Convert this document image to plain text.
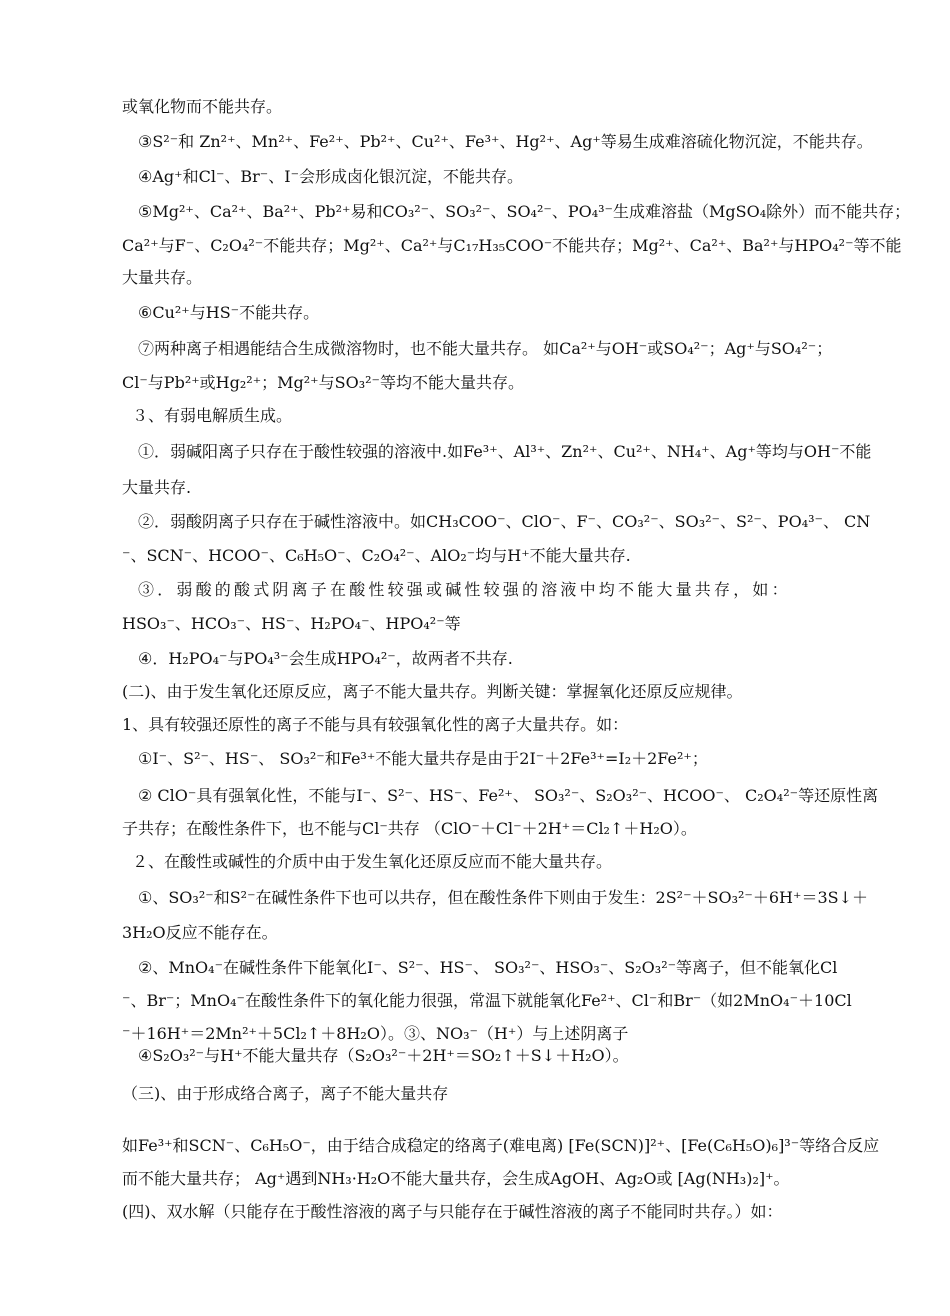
或氧化物而不能共存。
③S²⁻和 Zn²⁺、Mn²⁺、Fe²⁺、Pb²⁺、Cu²⁺、Fe³⁺、Hg²⁺、Ag⁺等易生成难溶硫化物沉淀，不能共存。
④Ag⁺和Cl⁻、Br⁻、I⁻会形成卤化银沉淀，不能共存。
⑤Mg²⁺、Ca²⁺、Ba²⁺、Pb²⁺易和CO₃²⁻、SO₃²⁻、SO₄²⁻、PO₄³⁻生成难溶盐（MgSO₄除外）而不能共存；
Ca²⁺与F⁻、C₂O₄²⁻不能共存；Mg²⁺、Ca²⁺与C₁₇H₃₅COO⁻不能共存；Mg²⁺、Ca²⁺、Ba²⁺与HPO₄²⁻等不能
大量共存。
⑥Cu²⁺与HS⁻不能共存。
⑦两种离子相遇能结合生成微溶物时，也不能大量共存。 如Ca²⁺与OH⁻或SO₄²⁻；Ag⁺与SO₄²⁻；
Cl⁻与Pb²⁺或Hg₂²⁺；Mg²⁺与SO₃²⁻等均不能大量共存。
３、有弱电解质生成。
①．弱碱阳离子只存在于酸性较强的溶液中.如Fe³⁺、Al³⁺、Zn²⁺、Cu²⁺、NH₄⁺、Ag⁺等均与OH⁻不能
大量共存.
②．弱酸阴离子只存在于碱性溶液中。如CH₃COO⁻、ClO⁻、F⁻、CO₃²⁻、SO₃²⁻、S²⁻、PO₄³⁻、 CN
⁻、SCN⁻、HCOO⁻、C₆H₅O⁻、C₂O₄²⁻、AlO₂⁻均与H⁺不能大量共存.
③．弱酸的酸式阴离子在酸性较强或碱性较强的溶液中均不能大量共存，如：
HSO₃⁻、HCO₃⁻、HS⁻、H₂PO₄⁻、HPO₄²⁻等
④．H₂PO₄⁻与PO₄³⁻会生成HPO₄²⁻，故两者不共存.
(二)、由于发生氧化还原反应，离子不能大量共存。判断关键：掌握氧化还原反应规律。
1、具有较强还原性的离子不能与具有较强氧化性的离子大量共存。如：
①I⁻、S²⁻、HS⁻、 SO₃²⁻和Fe³⁺不能大量共存是由于2I⁻＋2Fe³⁺=I₂＋2Fe²⁺；
② ClO⁻具有强氧化性，不能与I⁻、S²⁻、HS⁻、Fe²⁺、 SO₃²⁻、S₂O₃²⁻、HCOO⁻、 C₂O₄²⁻等还原性离
子共存；在酸性条件下，也不能与Cl⁻共存 （ClO⁻＋Cl⁻＋2H⁺＝Cl₂↑＋H₂O）。
２、在酸性或碱性的介质中由于发生氧化还原反应而不能大量共存。
①、SO₃²⁻和S²⁻在碱性条件下也可以共存，但在酸性条件下则由于发生：2S²⁻＋SO₃²⁻＋6H⁺＝3S↓＋
3H₂O反应不能存在。
②、MnO₄⁻在碱性条件下能氧化I⁻、S²⁻、HS⁻、 SO₃²⁻、HSO₃⁻、S₂O₃²⁻等离子，但不能氧化Cl
⁻、Br⁻；MnO₄⁻在酸性条件下的氧化能力很强，常温下就能氧化Fe²⁺、Cl⁻和Br⁻（如2MnO₄⁻＋10Cl
⁻＋16H⁺＝2Mn²⁺＋5Cl₂↑＋8H₂O）。③、NO₃⁻（H⁺）与上述阴离子
④S₂O₃²⁻与H⁺不能大量共存（S₂O₃²⁻＋2H⁺＝SO₂↑＋S↓＋H₂O）。
（三)、由于形成络合离子，离子不能大量共存
如Fe³⁺和SCN⁻、C₆H₅O⁻，由于结合成稳定的络离子(难电离) [Fe(SCN)]²⁺、[Fe(C₆H₅O)₆]³⁻等络合反应
而不能大量共存； Ag⁺遇到NH₃·H₂O不能大量共存，会生成AgOH、Ag₂O或 [Ag(NH₃)₂]⁺。
(四)、双水解（只能存在于酸性溶液的离子与只能存在于碱性溶液的离子不能同时共存。）如：
